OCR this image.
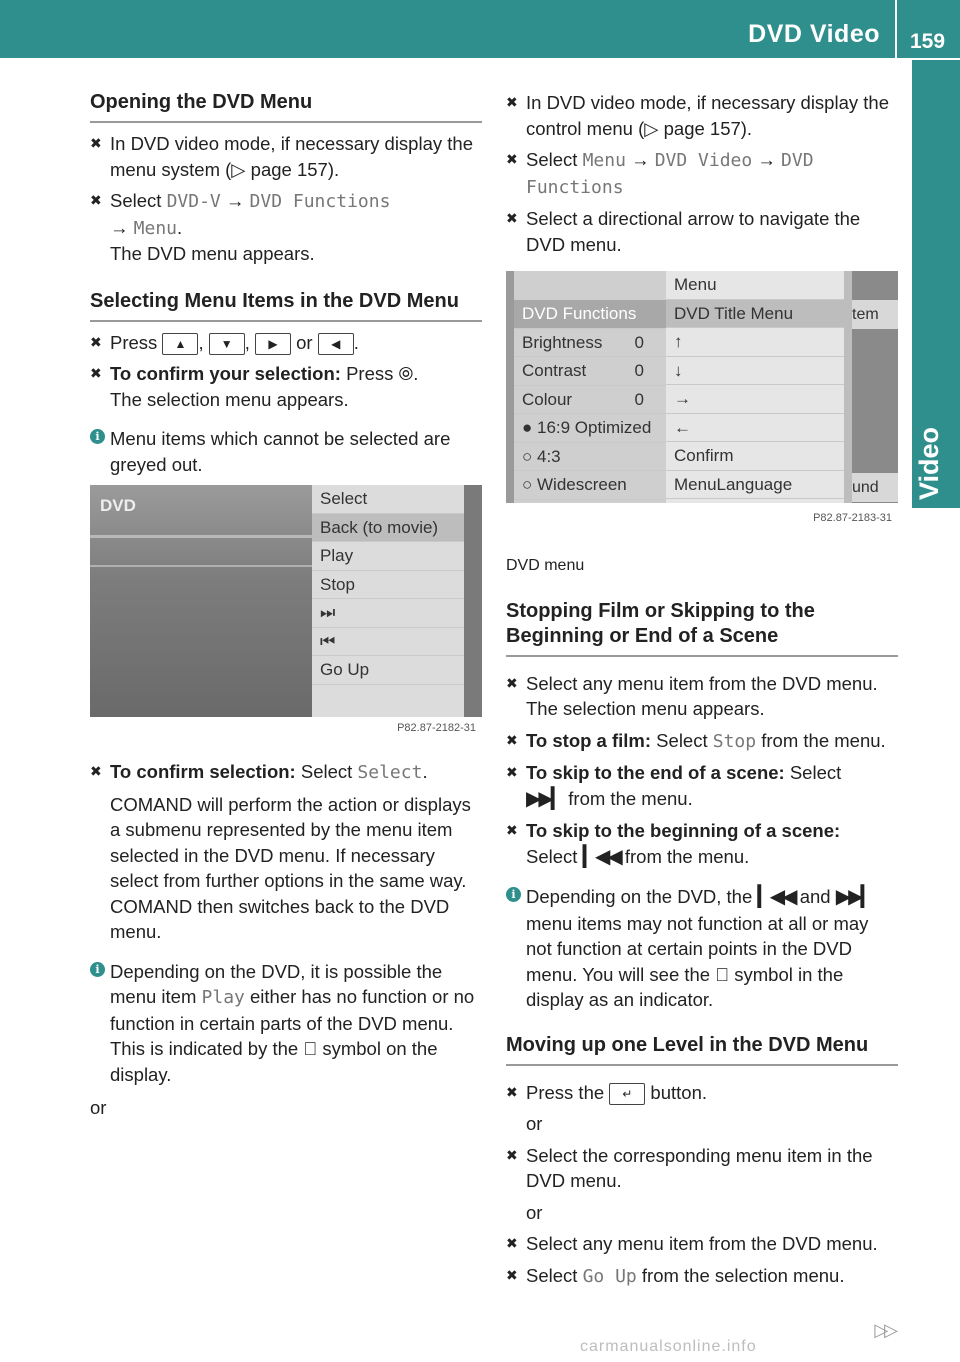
DVD Video 159
Video
Opening the DVD Menu
✖ In DVD video mode, if necessary display the menu system (▷ page 157).
✖ Select DVD-V → DVD Functions
→ Menu.
The DVD menu appears.
Selecting Menu Items in the DVD Menu
✖ Press ▲ , ▼ , ▶ or ◀ .
✖ To confirm your selection: Press ⦾.
The selection menu appears.
i Menu items which cannot be selected are greyed out.
DVD	Select
Back (to movie)
Play
Stop
⏭
⏮
Go Up
P82.87-2182-31
✖ To confirm selection: Select Select.
COMAND will perform the action or displays a submenu represented by the menu item selected in the DVD menu. If necessary select from further options in the same way.
COMAND then switches back to the DVD menu.
i Depending on the DVD, it is possible the menu item Play either has no function or no function in certain parts of the DVD menu. This is indicated by the ⃠ symbol on the display.
or
✖ In DVD video mode, if necessary display the control menu (▷ page 157).
✖ Select Menu → DVD Video → DVD Functions
✖ Select a directional arrow to navigate the DVD menu.
DVD Functions
Brightness 0
Contrast	0
Colour	0
● 16:9 Optimized
○ 4:3
○ Widescreen
Menu
DVD Title Menu
↑
↓
→
←
Confirm
MenuLanguage
tem
und
P82.87-2183-31
DVD menu
Stopping Film or Skipping to the Beginning or End of a Scene
✖ Select any menu item from the DVD menu.
The selection menu appears.
✖ To stop a film: Select Stop from the menu.
✖ To skip to the end of a scene: Select
▶▶▎ from the menu.
✖ To skip to the beginning of a scene:
Select ▎◀◀ from the menu.
i Depending on the DVD, the ▎◀◀ and ▶▶▎ menu items may not function at all or may not function at certain points in the DVD menu. You will see the ⃠ symbol in the display as an indicator.
Moving up one Level in the DVD Menu
✖ Press the ↵ button.
or
✖ Select the corresponding menu item in the DVD menu.
or
✖ Select any menu item from the DVD menu.
✖ Select Go Up from the selection menu.
▷▷
carmanualsonline.info
